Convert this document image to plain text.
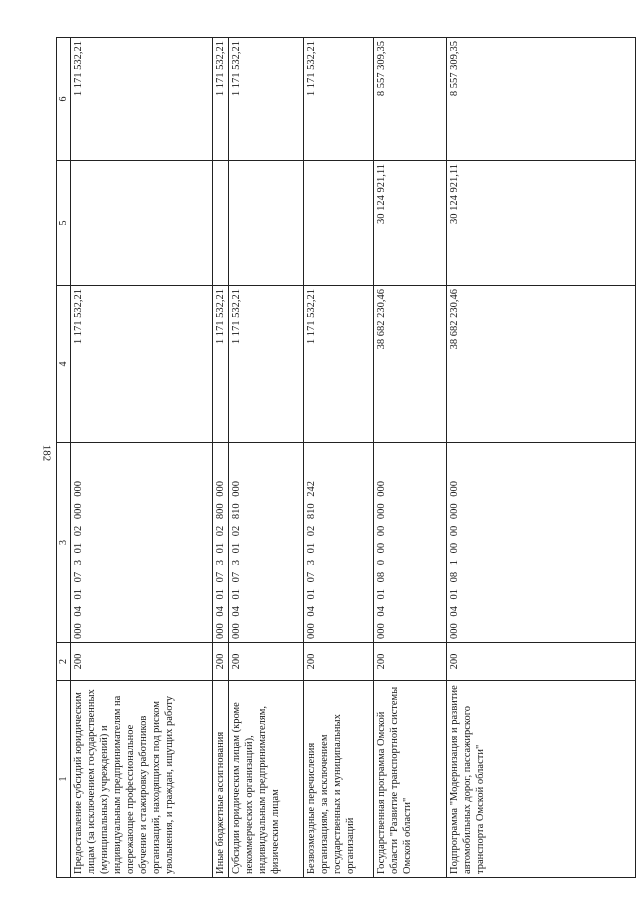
182
1	2	3	4	5	6
Предоставление субсидий юридическим лицам (за исключением государственных (муниципальных) учреждений) и индивидуальным предпринимателям на опережающее профессиональное обучение и стажировку работников организаций, находящихся под риском увольнения, и граждан, ищущих работу	200	000 04 01 07 3 01 02 000 000	1 171 532,21		1 171 532,21
Иные бюджетные ассигнования	200	000 04 01 07 3 01 02 800 000	1 171 532,21		1 171 532,21
Субсидии юридическим лицам (кроме некоммерческих организаций), индивидуальным предпринимателям, физическим лицам	200	000 04 01 07 3 01 02 810 000	1 171 532,21		1 171 532,21
Безвозмездные перечисления организациям, за исключением государственных и муниципальных организаций	200	000 04 01 07 3 01 02 810 242	1 171 532,21		1 171 532,21
Государственная программа Омской области "Развитие транспортной системы Омской области"	200	000 04 01 08 0 00 00 000 000	38 682 230,46	30 124 921,11	8 557 309,35
Подпрограмма "Модернизация и развитие автомобильных дорог, пассажирского транспорта Омской области"	200	000 04 01 08 1 00 00 000 000	38 682 230,46	30 124 921,11	8 557 309,35
